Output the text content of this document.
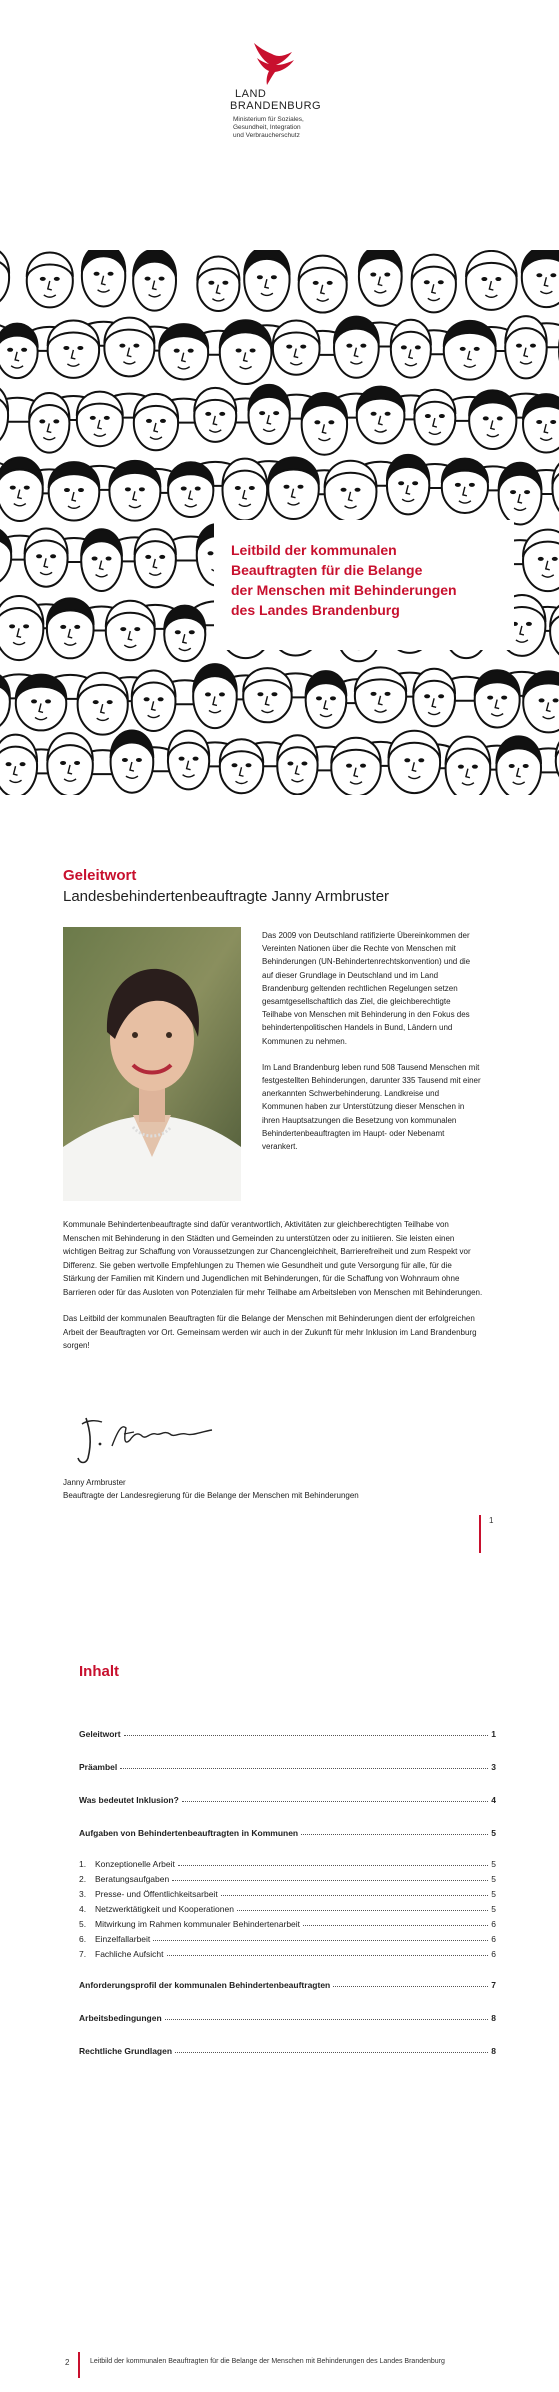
LAND
BRANDENBURG
Ministerium für Soziales,
Gesundheit, Integration
und Verbraucherschutz
Leitbild der kommunalen
Beauftragten für die Belange
der Menschen mit Behinderungen
des Landes Brandenburg
Geleitwort
Landesbehindertenbeauftragte Janny Armbruster

Das 2009 von Deutschland ratifizierte Übereinkommen der Vereinten Nationen über die Rechte von Menschen mit Behinderungen (UN-Behindertenrechtskonvention) und die auf dieser Grundlage in Deutschland und im Land Brandenburg geltenden rechtlichen Regelungen setzen gesamtgesellschaftlich das Ziel, die gleichberechtigte Teilhabe von Menschen mit Behinderung in den Fokus des behindertenpolitischen Handels in Bund, Ländern und Kommunen zu nehmen.

Im Land Brandenburg leben rund 508 Tausend Menschen mit festgestellten Behinderungen, darunter 335 Tausend mit einer anerkannten Schwerbehinderung. Landkreise und Kommunen haben zur Unterstützung dieser Menschen in ihren Hauptsatzungen die Besetzung von kommunalen Behindertenbeauftragten im Haupt- oder Nebenamt verankert.

Kommunale Behindertenbeauftragte sind dafür verantwortlich, Aktivitäten zur gleichberechtigten Teilhabe von Menschen mit Behinderung in den Städten und Gemeinden zu unterstützen oder zu initiieren. Sie leisten einen wichtigen Beitrag zur Schaffung von Voraussetzungen zur Chancengleichheit, Barrierefreiheit und zum Respekt vor Differenz. Sie geben wertvolle Empfehlungen zu Themen wie Gesundheit und gute Versorgung für alle, für die Stärkung der Familien mit Kindern und Jugendlichen mit Behinderungen, für die Schaffung von Wohnraum ohne Barrieren oder für das Ausloten von Potenzialen für mehr Teilhabe am Arbeitsleben von Menschen mit Behinderungen.

Das Leitbild der kommunalen Beauftragten für die Belange der Menschen mit Behinderungen dient der erfolgreichen Arbeit der Beauftragten vor Ort. Gemeinsam werden wir auch in der Zukunft für mehr Inklusion im Land Brandenburg sorgen!

Janny Armbruster
Beauftragte der Landesregierung für die Belange der Menschen mit Behinderungen
1
Inhalt
Geleitwort	1
Präambel	3
Was bedeutet Inklusion?	4
Aufgaben von Behindertenbeauftragten in Kommunen	5
1.	Konzeptionelle Arbeit	5
2.	Beratungsaufgaben	5
3.	Presse- und Öffentlichkeitsarbeit	5
4.	Netzwerktätigkeit und Kooperationen	5
5.	Mitwirkung im Rahmen kommunaler Behindertenarbeit	6
6.	Einzelfallarbeit	6
7.	Fachliche Aufsicht	6
Anforderungsprofil der kommunalen Behindertenbeauftragten	7
Arbeitsbedingungen	8
Rechtliche Grundlagen	8
2	Leitbild der kommunalen Beauftragten für die Belange der Menschen mit Behinderungen des Landes Brandenburg
